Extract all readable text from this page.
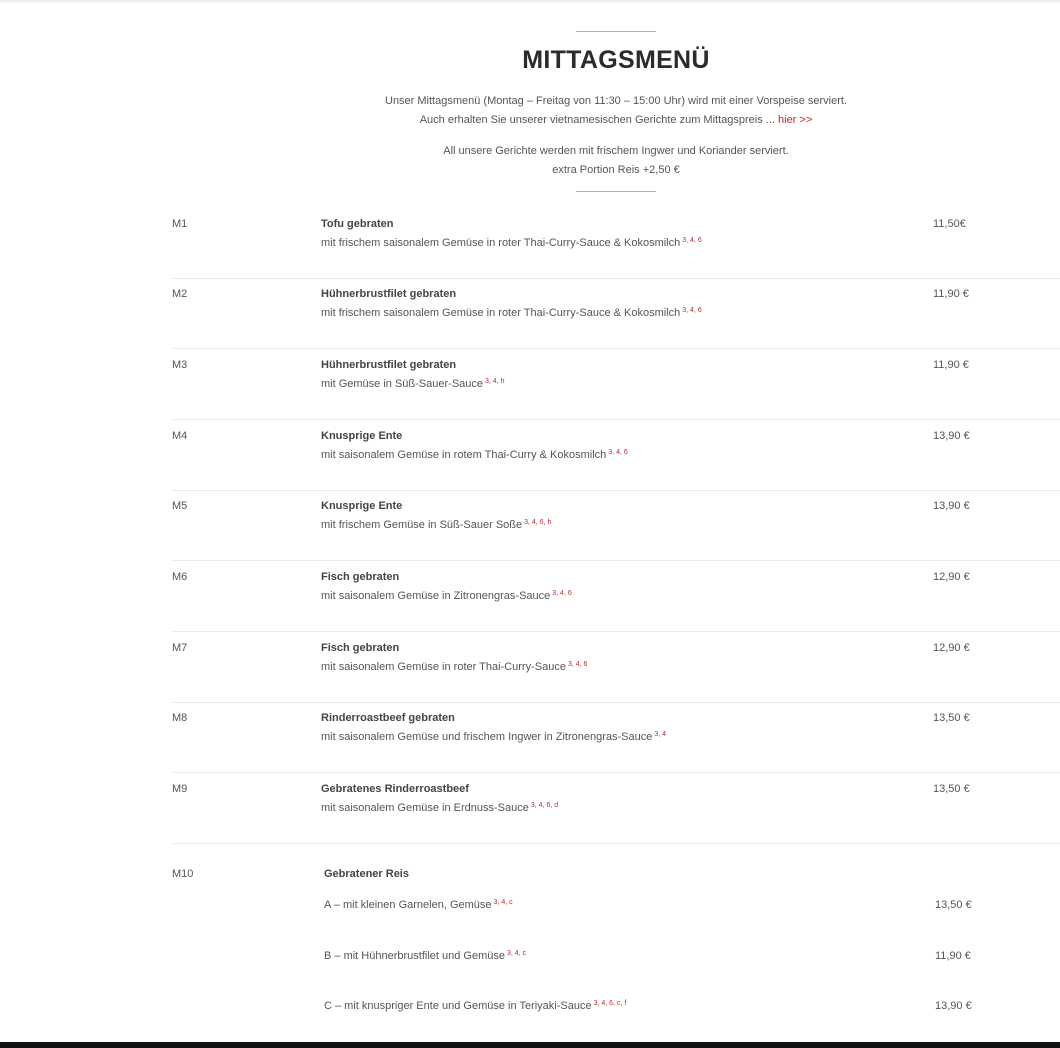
MITTAGSMENÜ

Unser Mittagsmenü (Montag – Freitag von 11:30 – 15:00 Uhr) wird mit einer Vorspeise serviert.
Auch erhalten Sie unserer vietnamesischen Gerichte zum Mittagspreis ... hier >>

All unsere Gerichte werden mit frischem Ingwer und Koriander serviert.
extra Portion Reis +2,50 €

M1	Tofu gebraten
mit frischem saisonalem Gemüse in roter Thai-Curry-Sauce & Kokosmilch $^{3, 4, 6}$
11,50€
M2	Hühnerbrustfilet gebraten
mit frischem saisonalem Gemüse in roter Thai-Curry-Sauce & Kokosmilch $^{3, 4, 6}$
11,90 €
M3	Hühnerbrustfilet gebraten
mit Gemüse in Süß-Sauer-Sauce $^{3, 4, h}$
11,90 €
M4	Knusprige Ente
mit saisonalem Gemüse in rotem Thai-Curry & Kokosmilch $^{3, 4, 6}$
13,90 €
M5	Knusprige Ente
mit frischem Gemüse in Süß-Sauer Soße $^{3, 4, 6, h}$
13,90 €
M6	Fisch gebraten
mit saisonalem Gemüse in Zitronengras-Sauce $^{3, 4, 6}$
12,90 €
M7	Fisch gebraten
mit saisonalem Gemüse in roter Thai-Curry-Sauce $^{3, 4, 6}$
12,90 €
M8	Rinderroastbeef gebraten
mit saisonalem Gemüse und frischem Ingwer in Zitronengras-Sauce $^{3, 4}$
13,50 €
M9	Gebratenes Rinderroastbeef
mit saisonalem Gemüse in Erdnuss-Sauce $^{3, 4, 6, d}$
13,50 €
M10	Gebratener Reis
A – mit kleinen Garnelen, Gemüse $^{3, 4, c}$	13,50 €
B – mit Hühnerbrustfilet und Gemüse $^{3, 4, c}$	11,90 €
C – mit knuspriger Ente und Gemüse in Teriyaki-Sauce $^{3, 4, 6, c, f}$	13,90 €
